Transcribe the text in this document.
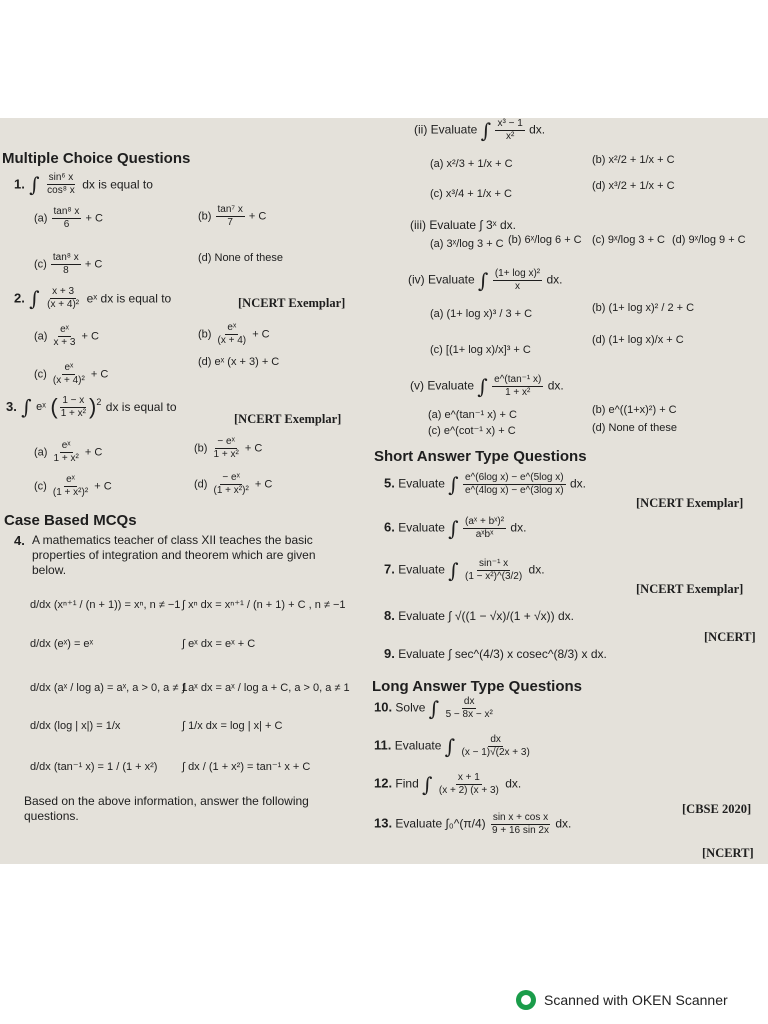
Multiple Choice Questions
1. ∫ $\frac{\text{sin⁶ x}}{\text{cos⁸ x}}$ dx is equal to
$(a) \frac{\text{tan⁸ x}}{6} + C$	$(b) \frac{\text{tan⁷ x}}{7} + C$
$(c) \frac{\text{tan⁸ x}}{8} + C$
(d) None of these
2. ∫ $\frac{x + 3}{\text{(x + 4)²}}$ eˣ dx is equal to	[NCERT Exemplar]
$(a) \frac{\text{eˣ}}{x + 3} + C$	$(b) \frac{\text{eˣ}}{(x + 4)} + C$
$(c) \frac{\text{eˣ}}{\text{(x + 4)²}} + C$
(d) eˣ (x + 3) + C
3. ∫ eˣ ( $\frac{1 - x}{\text{1 + x²}} )^2$ dx is equal to
[NCERT Exemplar]
$(a) \frac{\text{eˣ}}{\text{1 + x²}} + C$	$(b) \frac{\text{− eˣ}}{\text{1 + x²}} + C$
$(c) \frac{\text{eˣ}}{\text{(1 + x²)²}} + C$	$(d) \frac{\text{− eˣ}}{\text{(1 + x²)²}} + C$
Case Based MCQs
4. A mathematics teacher of class XII teaches the basic properties of integration and theorem which are given below.
d/dx (xⁿ⁺¹ / (n + 1)) = xⁿ, n ≠ −1 ∫ xⁿ dx = xⁿ⁺¹ / (n + 1) + C , n ≠ −1
d/dx (eˣ) = eˣ	∫ eˣ dx = eˣ + C
d/dx (aˣ / log a) = aˣ, a > 0, a ≠ 1
∫ aˣ dx = aˣ / log a + C, a > 0, a ≠ 1
d/dx (log | x|) = 1/x	∫ 1/x dx = log | x| + C
d/dx (tan⁻¹ x) = 1 / (1 + x²) ∫ dx / (1 + x²) = tan⁻¹ x + C
Based on the above information, answer the following questions.
(ii) Evaluate ∫ $\frac{\text{x³ − 1}}{\text{x²}}$ dx.
(a) x²/3 + 1/x + C	(b) x²/2 + 1/x + C
(c) x³/4 + 1/x + C
(d) x³/2 + 1/x + C
(iii) Evaluate ∫ 3ˣ dx.
(a) 3ˣ/log 3 + C (b) 6ˣ/log 6 + C (c) 9ˣ/log 3 + C (d) 9ˣ/log 9 + C
(iv) Evaluate ∫ $\frac{\text{(1+ log x)²}}{x}$ dx.
(a) (1+ log x)³ / 3 + C	(b) (1+ log x)² / 2 + C
(c) [(1+ log x)/x]³ + C
(d) (1+ log x)/x + C
(v) Evaluate ∫ $\frac{\text{e\textasciicircum{}(tan⁻¹ x)}}{\text{1 + x²}}$ dx.
(a) e^(tan⁻¹ x) + C	(b) e^((1+x)²) + C
(c) e^(cot⁻¹ x) + C	(d) None of these
Short Answer Type Questions
5. Evaluate ∫ $\frac{\text{e\textasciicircum{}(6log x) − e\textasciicircum{}(5log x)}}{\text{e\textasciicircum{}(4log x) − e\textasciicircum{}(3log x)}}$ dx.
[NCERT Exemplar]
6. Evaluate ∫ $\frac{\text{(aˣ + bˣ)²}}{\text{aˣbˣ}}$ dx.
7. Evaluate ∫ $\frac{\text{sin⁻¹ x}}{\text{(1 − x²)\textasciicircum{}(3/2)}}$ dx.
[NCERT Exemplar]
8. Evaluate ∫ √((1 − √x)/(1 + √x)) dx.
[NCERT]
9. Evaluate ∫ sec^(4/3) x cosec^(8/3) x dx.
Long Answer Type Questions
10. Solve ∫ $\frac{dx}{\text{5 − 8x − x²}}$
11. Evaluate ∫ $\frac{dx}{(x - 1)√(2x + 3)}$
12. Find ∫ $\frac{x + 1}{(x + 2) (x + 3)}$ dx.
[CBSE 2020]
13. Evaluate ∫₀^(π/4) $\frac{\text{sin x + cos x}}{9 + 16 \sin 2x}$ dx.
[NCERT]
Scanned with OKEN Scanner
